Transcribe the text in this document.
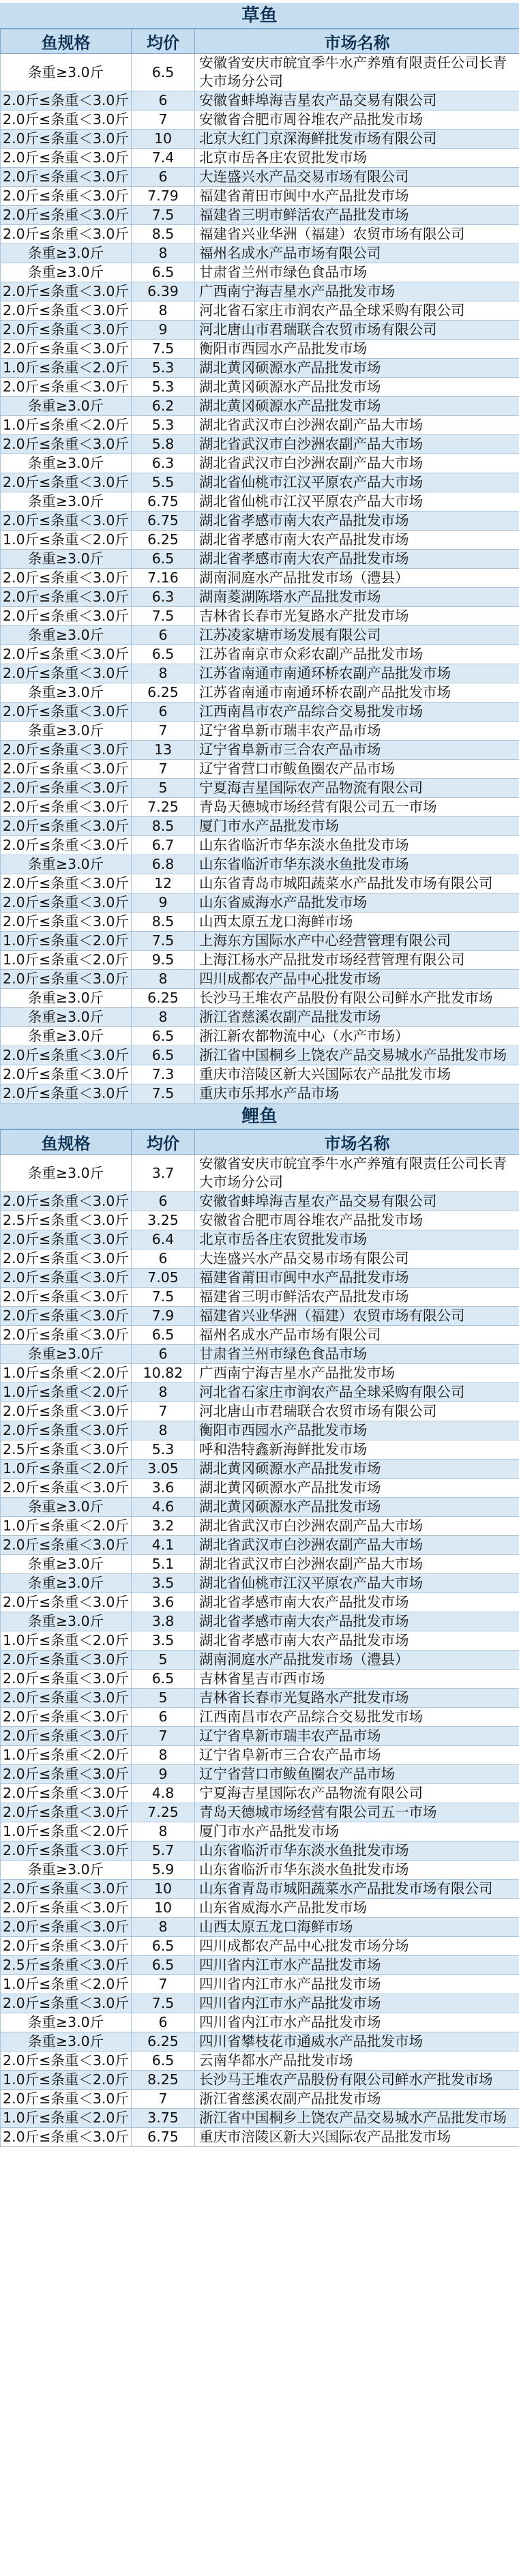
草鱼
鱼规格	均价	市场名称
条重≥3.0斤	6.5	安徽省安庆市皖宜季牛水产养殖有限责任公司长青大市场分公司
2.0斤≤条重＜3.0斤	6	安徽省蚌埠海吉星农产品交易有限公司
2.0斤≤条重＜3.0斤	7	安徽省合肥市周谷堆农产品批发市场
2.0斤≤条重＜3.0斤	10	北京大红门京深海鲜批发市场有限公司
2.0斤≤条重＜3.0斤	7.4	北京市岳各庄农贸批发市场
2.0斤≤条重＜3.0斤	6	大连盛兴水产品交易市场有限公司
2.0斤≤条重＜3.0斤	7.79	福建省莆田市闽中水产品批发市场
2.0斤≤条重＜3.0斤	7.5	福建省三明市鲜活农产品批发市场
2.0斤≤条重＜3.0斤	8.5	福建省兴业华洲（福建）农贸市场有限公司
条重≥3.0斤	8	福州名成水产品市场有限公司
条重≥3.0斤	6.5	甘肃省兰州市绿色食品市场
2.0斤≤条重＜3.0斤	6.39	广西南宁海吉星水产品批发市场
2.0斤≤条重＜3.0斤	8	河北省石家庄市润农产品全球采购有限公司
2.0斤≤条重＜3.0斤	9	河北唐山市君瑞联合农贸市场有限公司
2.0斤≤条重＜3.0斤	7.5	衡阳市西园水产品批发市场
1.0斤≤条重＜2.0斤	5.3	湖北黄冈硕源水产品批发市场
2.0斤≤条重＜3.0斤	5.3	湖北黄冈硕源水产品批发市场
条重≥3.0斤	6.2	湖北黄冈硕源水产品批发市场
1.0斤≤条重＜2.0斤	5.3	湖北省武汉市白沙洲农副产品大市场
2.0斤≤条重＜3.0斤	5.8	湖北省武汉市白沙洲农副产品大市场
条重≥3.0斤	6.3	湖北省武汉市白沙洲农副产品大市场
2.0斤≤条重＜3.0斤	5.5	湖北省仙桃市江汉平原农产品大市场
条重≥3.0斤	6.75	湖北省仙桃市江汉平原农产品大市场
2.0斤≤条重＜3.0斤	6.75	湖北省孝感市南大农产品批发市场
1.0斤≤条重＜2.0斤	6.25	湖北省孝感市南大农产品批发市场
条重≥3.0斤	6.5	湖北省孝感市南大农产品批发市场
2.0斤≤条重＜3.0斤	7.16	湖南洞庭水产品批发市场（澧县）
2.0斤≤条重＜3.0斤	6.3	湖南菱湖陈塔水产品批发市场
2.0斤≤条重＜3.0斤	7.5	吉林省长春市光复路水产批发市场
条重≥3.0斤	6	江苏凌家塘市场发展有限公司
2.0斤≤条重＜3.0斤	6.5	江苏省南京市众彩农副产品批发市场
2.0斤≤条重＜3.0斤	8	江苏省南通市南通环桥农副产品批发市场
条重≥3.0斤	6.25	江苏省南通市南通环桥农副产品批发市场
2.0斤≤条重＜3.0斤	6	江西南昌市农产品综合交易批发市场
条重≥3.0斤	7	辽宁省阜新市瑞丰农产品市场
2.0斤≤条重＜3.0斤	13	辽宁省阜新市三合农产品市场
2.0斤≤条重＜3.0斤	7	辽宁省营口市鲅鱼圈农产品市场
2.0斤≤条重＜3.0斤	5	宁夏海吉星国际农产品物流有限公司
2.0斤≤条重＜3.0斤	7.25	青岛天德城市场经营有限公司五一市场
2.0斤≤条重＜3.0斤	8.5	厦门市水产品批发市场
2.0斤≤条重＜3.0斤	6.7	山东省临沂市华东淡水鱼批发市场
条重≥3.0斤	6.8	山东省临沂市华东淡水鱼批发市场
2.0斤≤条重＜3.0斤	12	山东省青岛市城阳蔬菜水产品批发市场有限公司
2.0斤≤条重＜3.0斤	9	山东省威海水产品批发市场
2.0斤≤条重＜3.0斤	8.5	山西太原五龙口海鲜市场
1.0斤≤条重＜2.0斤	7.5	上海东方国际水产中心经营管理有限公司
1.0斤≤条重＜2.0斤	9.5	上海江杨水产品批发市场经营管理有限公司
2.0斤≤条重＜3.0斤	8	四川成都农产品中心批发市场
条重≥3.0斤	6.25	长沙马王堆农产品股份有限公司鲜水产批发市场
条重≥3.0斤	8	浙江省慈溪农副产品批发市场
条重≥3.0斤	6.5	浙江新农都物流中心（水产市场）
2.0斤≤条重＜3.0斤	6.5	浙江省中国桐乡上饶农产品交易城水产品批发市场
2.0斤≤条重＜3.0斤	7.3	重庆市涪陵区新大兴国际农产品批发市场
2.0斤≤条重＜3.0斤	7.5	重庆市乐邦水产品市场
鲤鱼
鱼规格	均价	市场名称
条重≥3.0斤	3.7	安徽省安庆市皖宜季牛水产养殖有限责任公司长青大市场分公司
2.0斤≤条重＜3.0斤	6	安徽省蚌埠海吉星农产品交易有限公司
2.5斤≤条重＜3.0斤	3.25	安徽省合肥市周谷堆农产品批发市场
2.0斤≤条重＜3.0斤	6.4	北京市岳各庄农贸批发市场
2.0斤≤条重＜3.0斤	6	大连盛兴水产品交易市场有限公司
2.0斤≤条重＜3.0斤	7.05	福建省莆田市闽中水产品批发市场
2.0斤≤条重＜3.0斤	7.5	福建省三明市鲜活农产品批发市场
2.0斤≤条重＜3.0斤	7.9	福建省兴业华洲（福建）农贸市场有限公司
2.0斤≤条重＜3.0斤	6.5	福州名成水产品市场有限公司
条重≥3.0斤	6	甘肃省兰州市绿色食品市场
1.0斤≤条重＜2.0斤	10.82	广西南宁海吉星水产品批发市场
1.0斤≤条重＜2.0斤	8	河北省石家庄市润农产品全球采购有限公司
2.0斤≤条重＜3.0斤	7	河北唐山市君瑞联合农贸市场有限公司
2.0斤≤条重＜3.0斤	8	衡阳市西园水产品批发市场
2.5斤≤条重＜3.0斤	5.3	呼和浩特鑫新海鲜批发市场
1.0斤≤条重＜2.0斤	3.05	湖北黄冈硕源水产品批发市场
2.0斤≤条重＜3.0斤	3.6	湖北黄冈硕源水产品批发市场
条重≥3.0斤	4.6	湖北黄冈硕源水产品批发市场
1.0斤≤条重＜2.0斤	3.2	湖北省武汉市白沙洲农副产品大市场
2.0斤≤条重＜3.0斤	4.1	湖北省武汉市白沙洲农副产品大市场
条重≥3.0斤	5.1	湖北省武汉市白沙洲农副产品大市场
条重≥3.0斤	3.5	湖北省仙桃市江汉平原农产品大市场
2.0斤≤条重＜3.0斤	3.6	湖北省孝感市南大农产品批发市场
条重≥3.0斤	3.8	湖北省孝感市南大农产品批发市场
1.0斤≤条重＜2.0斤	3.5	湖北省孝感市南大农产品批发市场
2.0斤≤条重＜3.0斤	5	湖南洞庭水产品批发市场（澧县）
2.0斤≤条重＜3.0斤	6.5	吉林省星吉市西市场
2.0斤≤条重＜3.0斤	5	吉林省长春市光复路水产批发市场
2.0斤≤条重＜3.0斤	6	江西南昌市农产品综合交易批发市场
2.0斤≤条重＜3.0斤	7	辽宁省阜新市瑞丰农产品市场
1.0斤≤条重＜2.0斤	8	辽宁省阜新市三合农产品市场
2.0斤≤条重＜3.0斤	9	辽宁省营口市鲅鱼圈农产品市场
2.0斤≤条重＜3.0斤	4.8	宁夏海吉星国际农产品物流有限公司
2.0斤≤条重＜3.0斤	7.25	青岛天德城市场经营有限公司五一市场
1.0斤≤条重＜2.0斤	8	厦门市水产品批发市场
2.0斤≤条重＜3.0斤	5.7	山东省临沂市华东淡水鱼批发市场
条重≥3.0斤	5.9	山东省临沂市华东淡水鱼批发市场
2.0斤≤条重＜3.0斤	10	山东省青岛市城阳蔬菜水产品批发市场有限公司
2.0斤≤条重＜3.0斤	10	山东省威海水产品批发市场
2.0斤≤条重＜3.0斤	8	山西太原五龙口海鲜市场
2.0斤≤条重＜3.0斤	6.5	四川成都农产品中心批发市场分场
2.5斤≤条重＜3.0斤	6.5	四川省内江市水产品批发市场
1.0斤≤条重＜2.0斤	7	四川省内江市水产品批发市场
2.0斤≤条重＜3.0斤	7.5	四川省内江市水产品批发市场
条重≥3.0斤	6	四川省内江市水产品批发市场
条重≥3.0斤	6.25	四川省攀枝花市通威水产品批发市场
2.0斤≤条重＜3.0斤	6.5	云南华都水产品批发市场
1.0斤≤条重＜2.0斤	8.25	长沙马王堆农产品股份有限公司鲜水产批发市场
2.0斤≤条重＜3.0斤	7	浙江省慈溪农副产品批发市场
1.0斤≤条重＜2.0斤	3.75	浙江省中国桐乡上饶农产品交易城水产品批发市场
2.0斤≤条重＜3.0斤	6.75	重庆市涪陵区新大兴国际农产品批发市场
